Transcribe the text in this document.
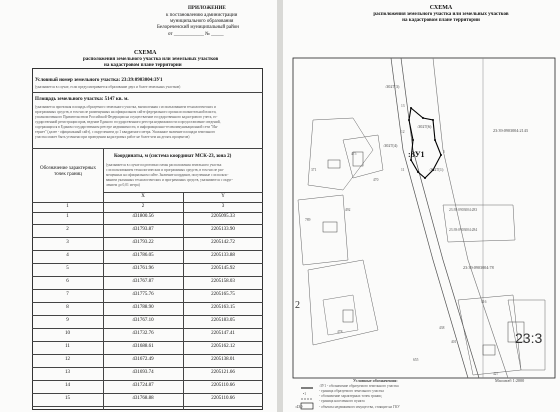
ПРИЛОЖЕНИЕ
к постановлению администрации
муниципального образования
Белореченский муниципальный район
от ____________ № _____
СХЕМА
расположения земельного участка или земельных участков
на кадастровом плане территории
Условный номер земельного участка: 23:39:0903004:ЗУ1
(указывается в случае, если предусматривается образование двух и более земельных участков)
Площадь земельного участка: 5147 кв. м.
(указывается проектная площадь образуемого земельного участка, вычисленная с использованием технологических и
программных средств, в том числе размещенных на официальном сайте федерального органа исполнительной власти,
уполномоченного Правительством Российской Федерации на осуществление государственного кадастрового учета, го-
сударственной регистрации прав, ведение Единого государственного реестра недвижимости и предоставление сведений,
содержащихся в Едином государственном реестре недвижимости, в информационно-телекоммуникационной сети "Ин-
тернет" (далее - официальный сайт), с округлением до 1 квадратного метра. Указанное значение площади земельного
участка может быть уточнено при проведении кадастровых работ не более чем на десять процентов)
Обозначение характерных точек границ
Координаты, м (система координат МСК-23, зона 2)
(указывается в случае подготовки схемы расположения земельного участка
с использованием технологических и программных средств, в том числе раз-
мещенных на официальном сайте. Значение координат, полученные с использо-
ванием указанных технологических и программных средств, указываются с округ-
лением до 0,01 метра)
X	Y
1	2	3
1	431800.56	2205095.33
2	431793.87	2205133.90
3	431793.22	2205142.72
4	431786.05	2205133.88
5	431761.96	2205145.92
6	431767.87	2205158.03
7	431775.76	2205165.75
8	431788.90	2205163.15
9	431767.10	2205183.05
10	431732.76	2205147.41
11	431688.61	2205162.12
12	431672.49	2205138.01
13	431693.74	2205121.66
14	431724.87	2205110.66
15	431768.88	2205110.66
СХЕМА
расположения земельного участка или земельных участков
на кадастровом плане территории
:3027(3)
:3027(6)
:3027(4)
:3027(1)
:ЗУ1
23:39:0903004:2143
23:39:0903004:78
23:39:0903004:283
23:39:0903004:284
23:3
475
371
470
492
789
478
401
416
427
655
438
13
12
11
5
2
Масштаб 1:2000
Условные обозначения:
:ЗУ1 - обозначение образуемого земельного участка
- граница образуемого земельного участка
- обозначение характерных точек границ
- граница населенного пункта
- объекты недвижимого имущества, стоящие на ГКУ
•1
:430
